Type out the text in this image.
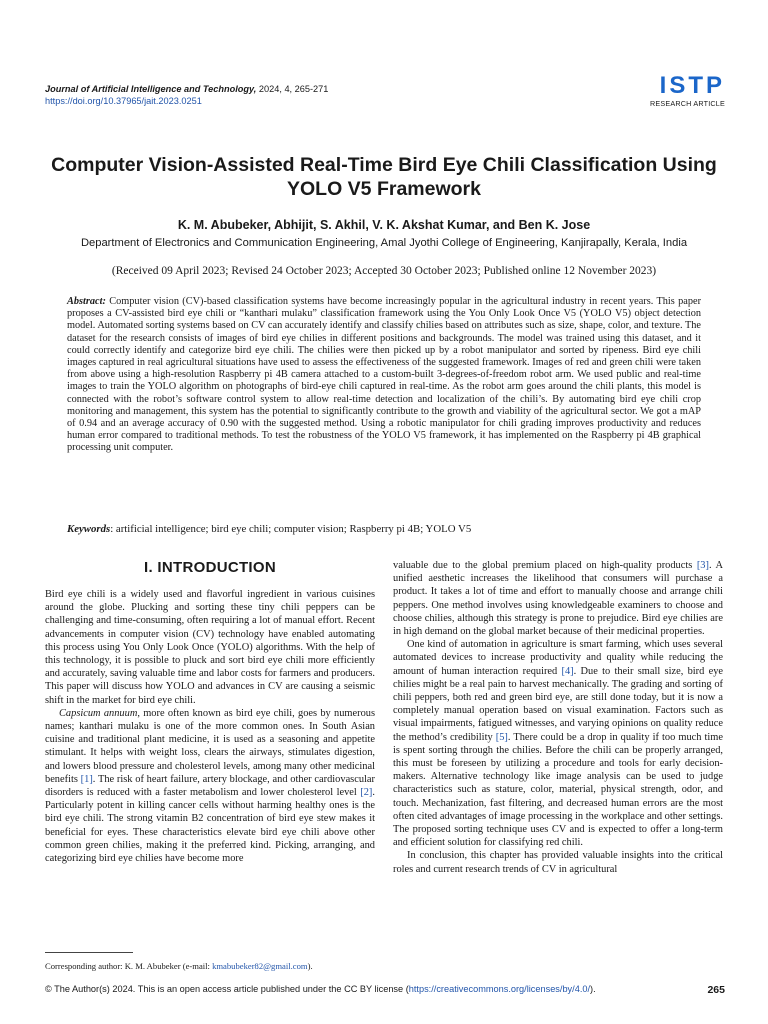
Journal of Artificial Intelligence and Technology, 2024, 4, 265-271
https://doi.org/10.37965/jait.2023.0251
ISTP
RESEARCH ARTICLE
Computer Vision-Assisted Real-Time Bird Eye Chili Classification Using YOLO V5 Framework
K. M. Abubeker, Abhijit, S. Akhil, V. K. Akshat Kumar, and Ben K. Jose
Department of Electronics and Communication Engineering, Amal Jyothi College of Engineering, Kanjirapally, Kerala, India
(Received 09 April 2023; Revised 24 October 2023; Accepted 30 October 2023; Published online 12 November 2023)

Abstract: Computer vision (CV)-based classification systems have become increasingly popular in the agricultural industry in recent years. This paper proposes a CV-assisted bird eye chili or “kanthari mulaku” classification framework using the You Only Look Once V5 (YOLO V5) object detection model. Automated sorting systems based on CV can accurately identify and classify chilies based on attributes such as size, shape, color, and texture. The dataset for the research consists of images of bird eye chilies in different positions and backgrounds. The model was trained using this dataset, and it could correctly identify and categorize bird eye chili. The chilies were then picked up by a robot manipulator and sorted by ripeness. Bird eye chili images captured in real agricultural situations have used to assess the effectiveness of the suggested framework. Images of red and green chili were taken from above using a high-resolution Raspberry pi 4B camera attached to a custom-built 3-degrees-of-freedom robot arm. We used public and real-time images to train the YOLO algorithm on photographs of bird-eye chili captured in real-time. As the robot arm goes around the chili plants, this model is connected with the robot’s software control system to allow real-time detection and localization of the chili’s. By automating bird eye chili crop monitoring and management, this system has the potential to significantly contribute to the growth and viability of the agricultural sector. We got a mAP of 0.94 and an average accuracy of 0.90 with the suggested method. Using a robotic manipulator for chili grading improves productivity and reduces human error compared to traditional methods. To test the robustness of the YOLO V5 framework, it has implemented on the Raspberry pi 4B graphical processing unit computer.

Keywords: artificial intelligence; bird eye chili; computer vision; Raspberry pi 4B; YOLO V5
I. INTRODUCTION

Bird eye chili is a widely used and flavorful ingredient in various cuisines around the globe. Plucking and sorting these tiny chili peppers can be challenging and time-consuming, often requiring a lot of manual effort. Recent advancements in computer vision (CV) technology have enabled automating this process using You Only Look Once (YOLO) algorithms. With the help of this technology, it is possible to pluck and sort bird eye chili more efficiently and accurately, saving valuable time and labor costs for farmers and producers. This paper will discuss how YOLO and advances in CV are causing a seismic shift in the market for bird eye chili.

Capsicum annuum, more often known as bird eye chili, goes by numerous names; kanthari mulaku is one of the more common ones. In South Asian cuisine and traditional plant medicine, it is used as a seasoning and appetite stimulant. It helps with weight loss, clears the airways, stimulates digestion, and lowers blood pressure and cholesterol levels, among many other medicinal benefits [1]. The risk of heart failure, artery blockage, and other cardiovascular disorders is reduced with a faster metabolism and lower cholesterol level [2]. Particularly potent in killing cancer cells without harming healthy ones is the bird eye chili. The strong vitamin B2 concentration of bird eye stew makes it beneficial for eyes. These characteristics elevate bird eye chili above other common green chilies, making it the preferred kind. Picking, arranging, and categorizing bird eye chilies have become more

valuable due to the global premium placed on high-quality products [3]. A unified aesthetic increases the likelihood that consumers will purchase a product. It takes a lot of time and effort to manually choose and arrange chili peppers. One method involves using knowledgeable examiners to choose and choose chilies, although this strategy is prone to prejudice. Bird eye chilies are in high demand on the global market because of their medicinal properties.

One kind of automation in agriculture is smart farming, which uses several automated devices to increase productivity and quality while reducing the amount of human interaction required [4]. Due to their small size, bird eye chilies might be a real pain to harvest mechanically. The grading and sorting of chili peppers, both red and green bird eye, are still done today, but it is now a completely manual operation based on visual examination. Factors such as visual impairments, fatigued witnesses, and varying opinions on quality reduce the method’s credibility [5]. There could be a drop in quality if too much time is spent sorting through the chilies. Before the chili can be properly arranged, this must be foreseen by utilizing a procedure and tools for early decision-makers. Alternative technology like image analysis can be used to judge characteristics such as stature, color, material, physical strength, odor, and touch. Mechanization, fast filtering, and decreased human errors are the most often cited advantages of image processing in the workplace and other settings. The proposed sorting technique uses CV and is expected to offer a long-term and efficient solution for classifying red chili.

In conclusion, this chapter has provided valuable insights into the critical roles and current research trends of CV in agricultural

Corresponding author: K. M. Abubeker (e-mail: kmabubeker82@gmail.com).
© The Author(s) 2024. This is an open access article published under the CC BY license (https://creativecommons.org/licenses/by/4.0/).	265
